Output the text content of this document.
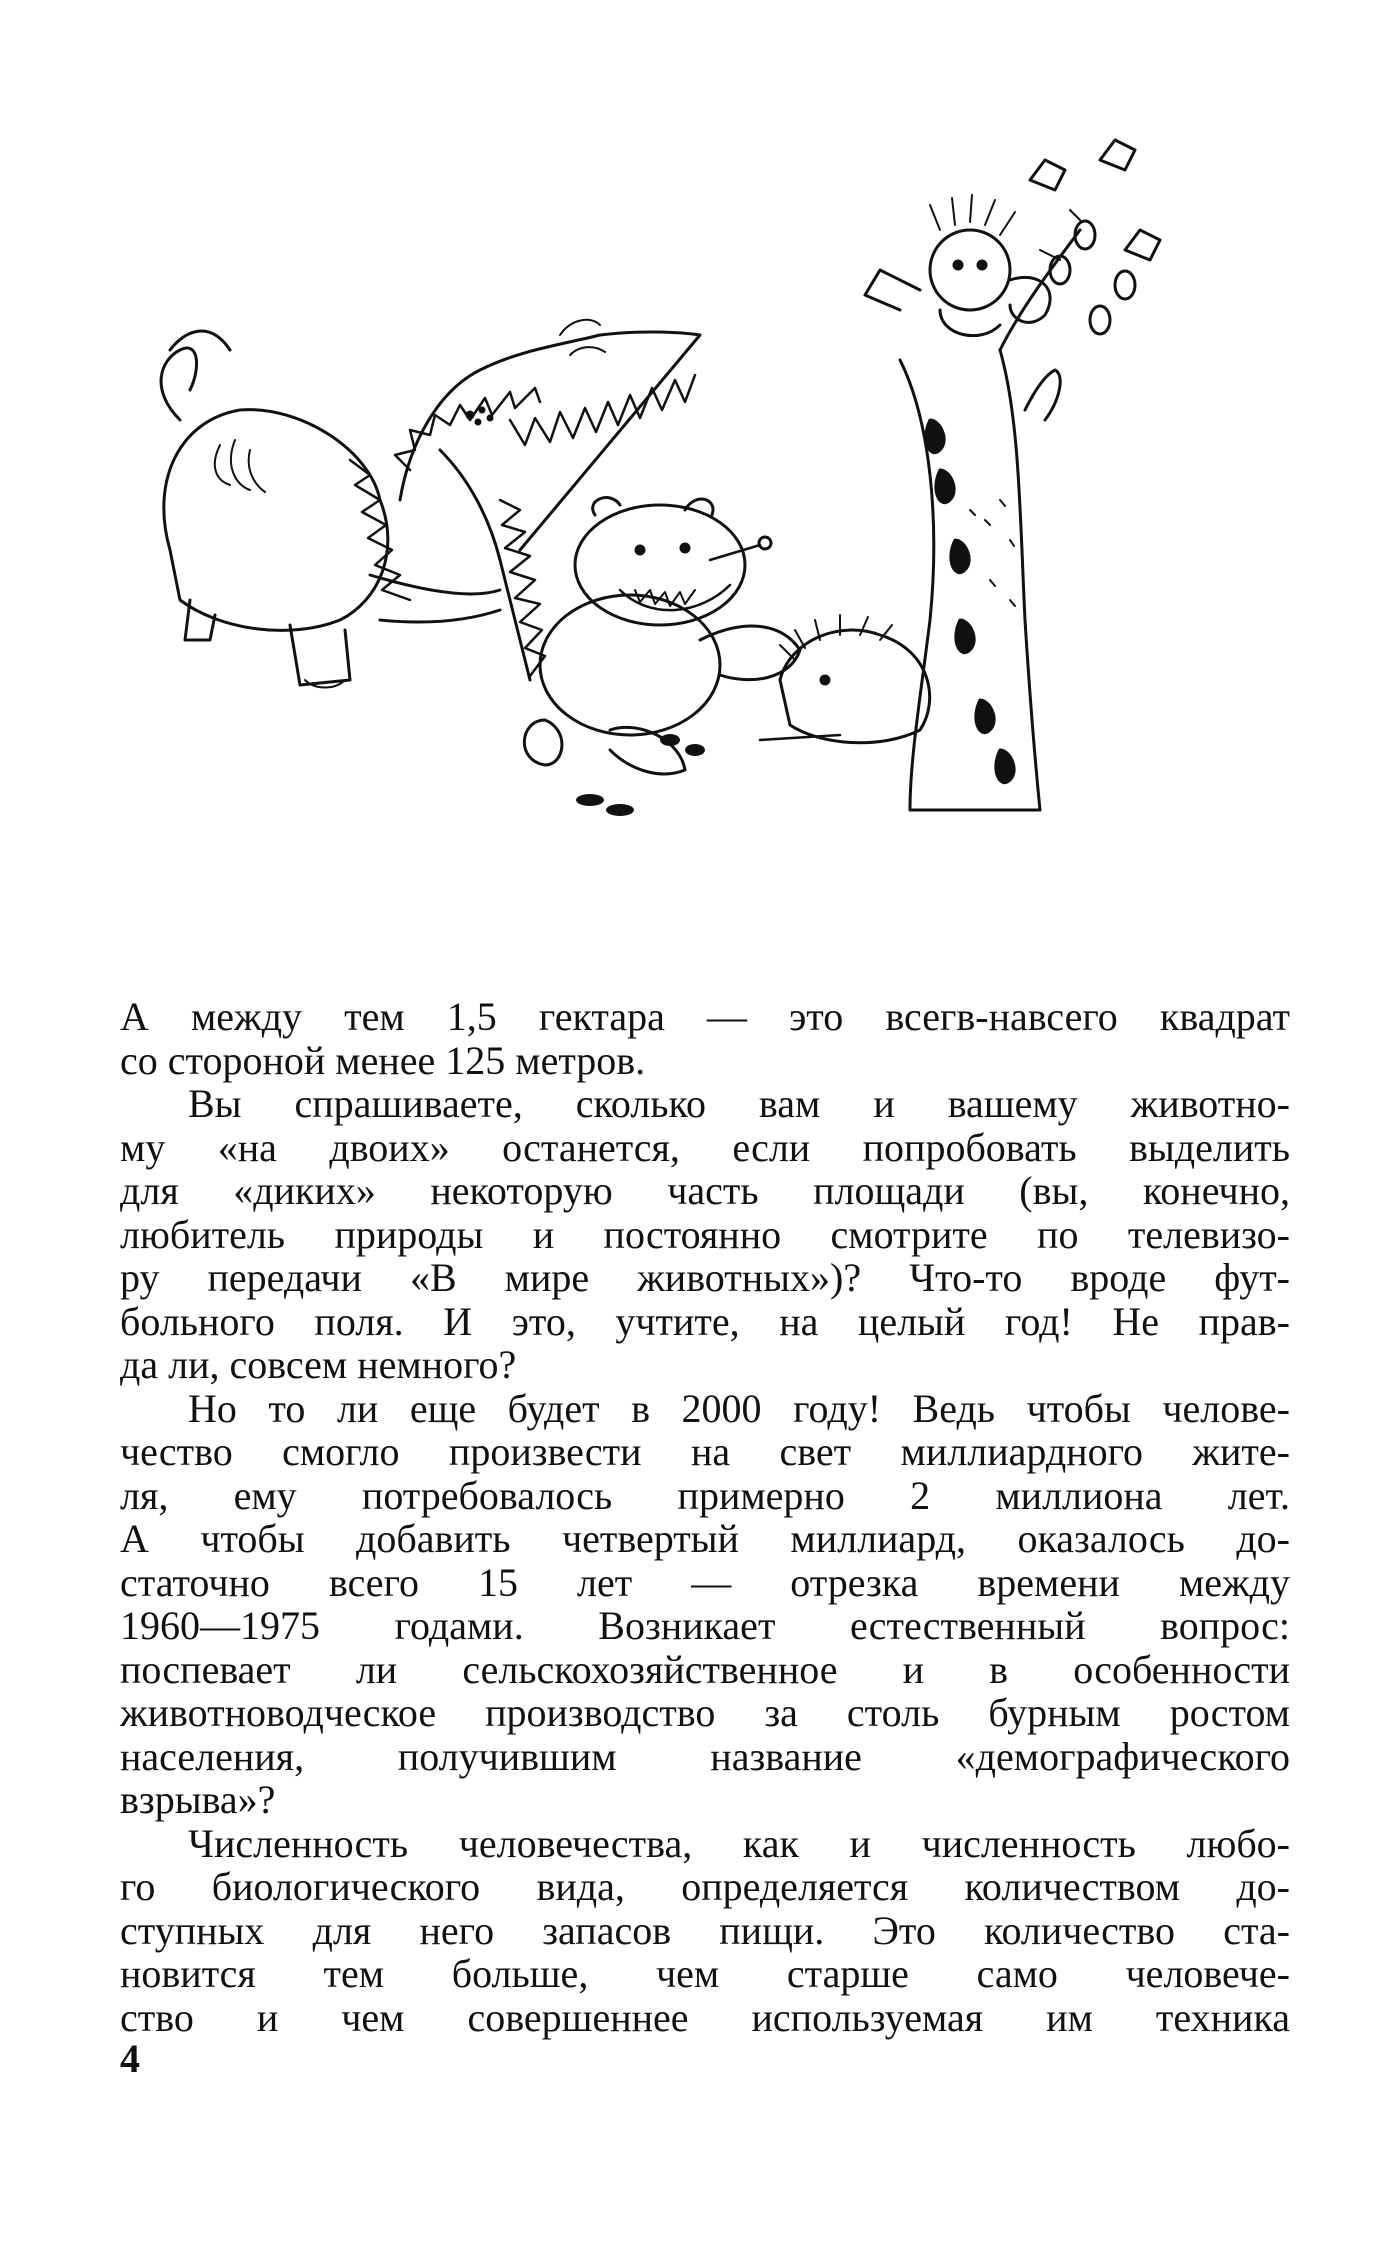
А между тем 1,5 гектара — это всегв-навсего квадрат
со стороной менее 125 метров.
Вы спрашиваете, сколько вам и вашему животно-
му «на двоих» останется, если попробовать выделить
для «диких» некоторую часть площади (вы, конечно,
любитель природы и постоянно смотрите по телевизо-
ру передачи «В мире животных»)? Что-то вроде фут-
больного поля. И это, учтите, на целый год! Не прав-
да ли, совсем немного?
Но то ли еще будет в 2000 году! Ведь чтобы челове-
чество смогло произвести на свет миллиардного жите-
ля, ему потребовалось примерно 2 миллиона лет.
А чтобы добавить четвертый миллиард, оказалось до-
статочно всего 15 лет — отрезка времени между
1960—1975 годами. Возникает естественный вопрос:
поспевает ли сельскохозяйственное и в особенности
животноводческое производство за столь бурным ростом
населения, получившим название «демографического
взрыва»?
Численность человечества, как и численность любо-
го биологического вида, определяется количеством до-
ступных для него запасов пищи. Это количество ста-
новится тем больше, чем старше само человече-
ство и чем совершеннее используемая им техника
4
